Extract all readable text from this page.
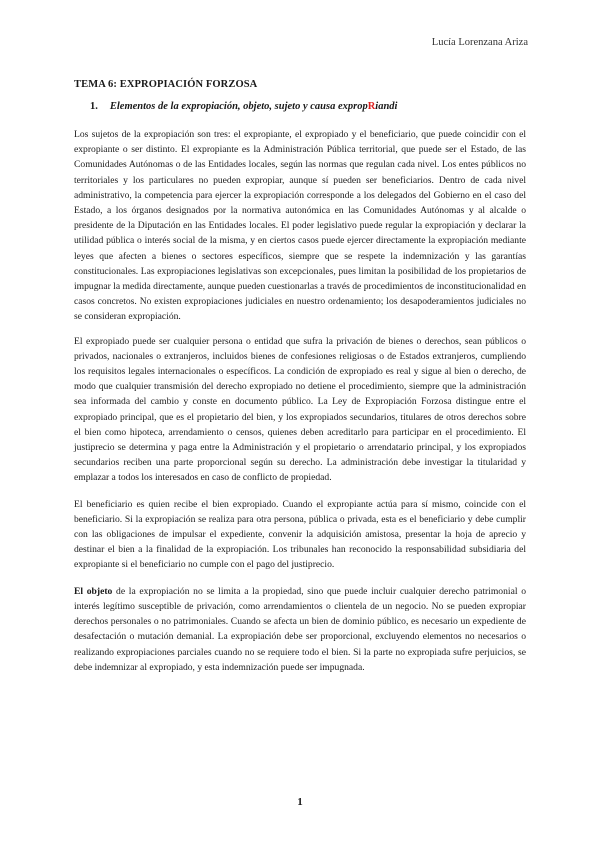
Lucía Lorenzana Ariza
TEMA 6: EXPROPIACIÓN FORZOSA
1. Elementos de la expropiación, objeto, sujeto y causa expropRiandi

Los sujetos de la expropiación son tres: el expropiante, el expropiado y el beneficiario, que puede coincidir con el expropiante o ser distinto. El expropiante es la Administración Pública territorial, que puede ser el Estado, de las Comunidades Autónomas o de las Entidades locales, según las normas que regulan cada nivel. Los entes públicos no territoriales y los particulares no pueden expropiar, aunque sí pueden ser beneficiarios. Dentro de cada nivel administrativo, la competencia para ejercer la expropiación corresponde a los delegados del Gobierno en el caso del Estado, a los órganos designados por la normativa autonómica en las Comunidades Autónomas y al alcalde o presidente de la Diputación en las Entidades locales. El poder legislativo puede regular la expropiación y declarar la utilidad pública o interés social de la misma, y en ciertos casos puede ejercer directamente la expropiación mediante leyes que afecten a bienes o sectores específicos, siempre que se respete la indemnización y las garantías constitucionales. Las expropiaciones legislativas son excepcionales, pues limitan la posibilidad de los propietarios de impugnar la medida directamente, aunque pueden cuestionarlas a través de procedimientos de inconstitucionalidad en casos concretos. No existen expropiaciones judiciales en nuestro ordenamiento; los desapoderamientos judiciales no se consideran expropiación.

El expropiado puede ser cualquier persona o entidad que sufra la privación de bienes o derechos, sean públicos o privados, nacionales o extranjeros, incluidos bienes de confesiones religiosas o de Estados extranjeros, cumpliendo los requisitos legales internacionales o específicos. La condición de expropiado es real y sigue al bien o derecho, de modo que cualquier transmisión del derecho expropiado no detiene el procedimiento, siempre que la administración sea informada del cambio y conste en documento público. La Ley de Expropiación Forzosa distingue entre el expropiado principal, que es el propietario del bien, y los expropiados secundarios, titulares de otros derechos sobre el bien como hipoteca, arrendamiento o censos, quienes deben acreditarlo para participar en el procedimiento. El justiprecio se determina y paga entre la Administración y el propietario o arrendatario principal, y los expropiados secundarios reciben una parte proporcional según su derecho. La administración debe investigar la titularidad y emplazar a todos los interesados en caso de conflicto de propiedad.

El beneficiario es quien recibe el bien expropiado. Cuando el expropiante actúa para sí mismo, coincide con el beneficiario. Si la expropiación se realiza para otra persona, pública o privada, esta es el beneficiario y debe cumplir con las obligaciones de impulsar el expediente, convenir la adquisición amistosa, presentar la hoja de aprecio y destinar el bien a la finalidad de la expropiación. Los tribunales han reconocido la responsabilidad subsidiaria del expropiante si el beneficiario no cumple con el pago del justiprecio.

El objeto de la expropiación no se limita a la propiedad, sino que puede incluir cualquier derecho patrimonial o interés legítimo susceptible de privación, como arrendamientos o clientela de un negocio. No se pueden expropiar derechos personales o no patrimoniales. Cuando se afecta un bien de dominio público, es necesario un expediente de desafectación o mutación demanial. La expropiación debe ser proporcional, excluyendo elementos no necesarios o realizando expropiaciones parciales cuando no se requiere todo el bien. Si la parte no expropiada sufre perjuicios, se debe indemnizar al expropiado, y esta indemnización puede ser impugnada.

1
